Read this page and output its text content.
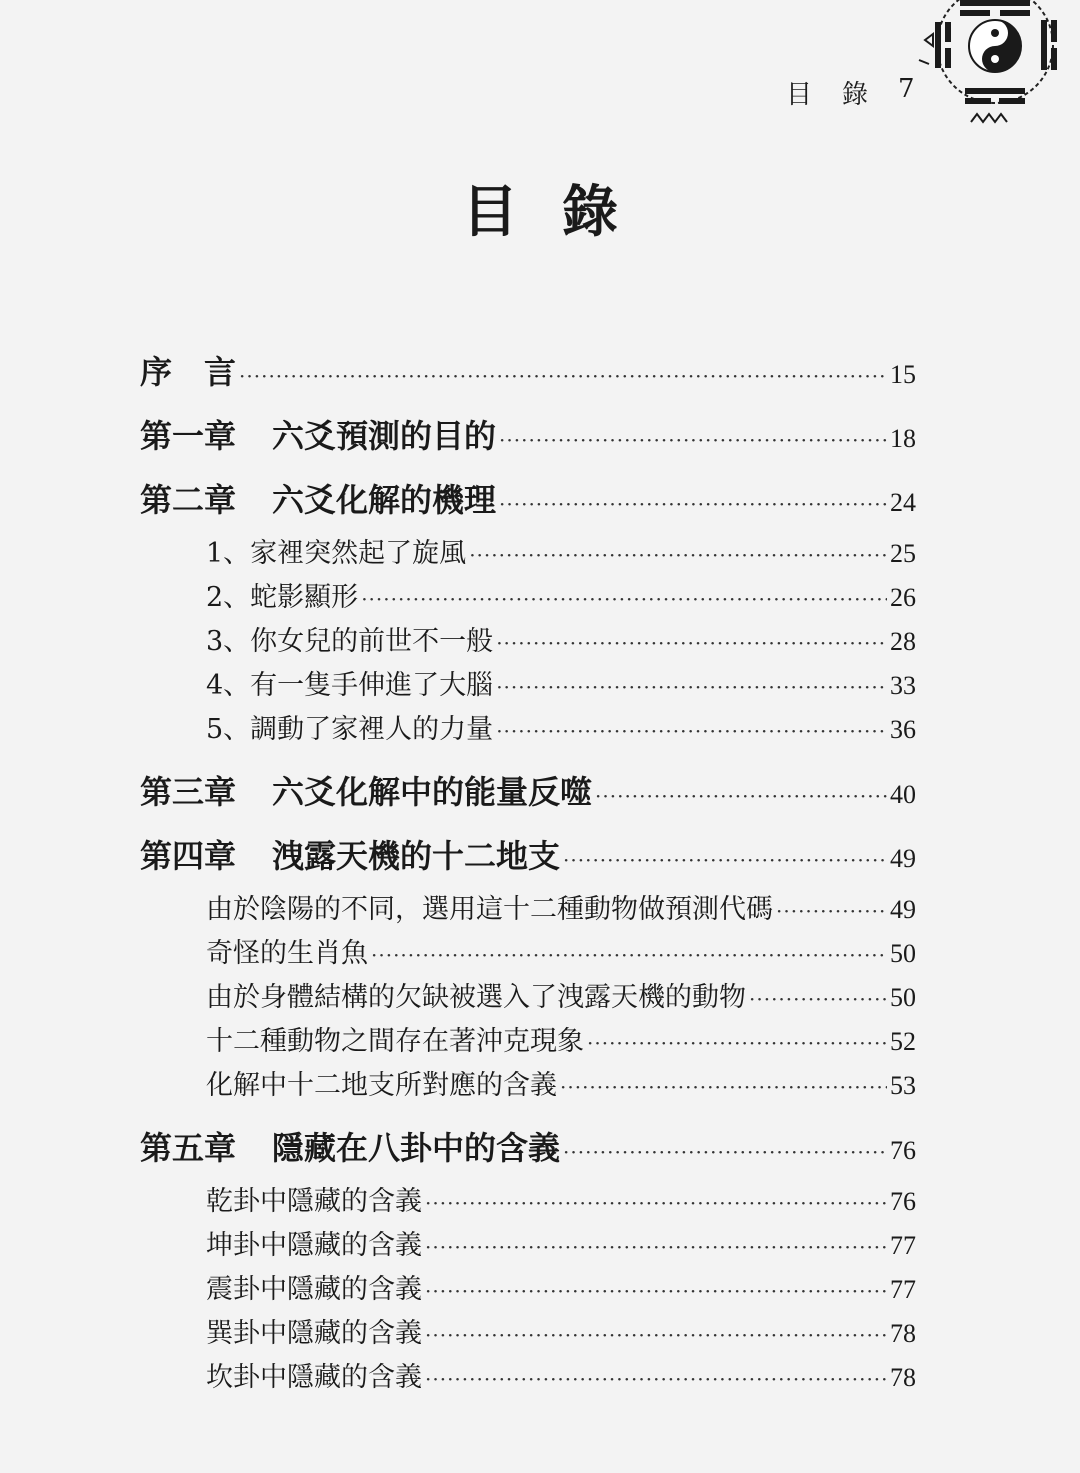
目　錄 7
目錄
序　言 ·····	15
第一章 六爻預測的目的 ·····	18
第二章 六爻化解的機理 ·····	24
1、家裡突然起了旋風 ·····	25
2、蛇影顯形 ·····	26
3、你女兒的前世不一般 ·····	28
4、有一隻手伸進了大腦 ·····	33
5、調動了家裡人的力量 ·····	36
第三章 六爻化解中的能量反噬 ·····	40
第四章 洩露天機的十二地支 ·····	49
由於陰陽的不同，選用這十二種動物做預測代碼 ·····	49
奇怪的生肖魚 ·····	50
由於身體結構的欠缺被選入了洩露天機的動物 ·····	50
十二種動物之間存在著沖克現象 ·····	52
化解中十二地支所對應的含義 ·····	53
第五章 隱藏在八卦中的含義 ·····	76
乾卦中隱藏的含義 ·····	76
坤卦中隱藏的含義 ·····	77
震卦中隱藏的含義 ·····	77
巽卦中隱藏的含義 ·····	78
坎卦中隱藏的含義 ·····	78
